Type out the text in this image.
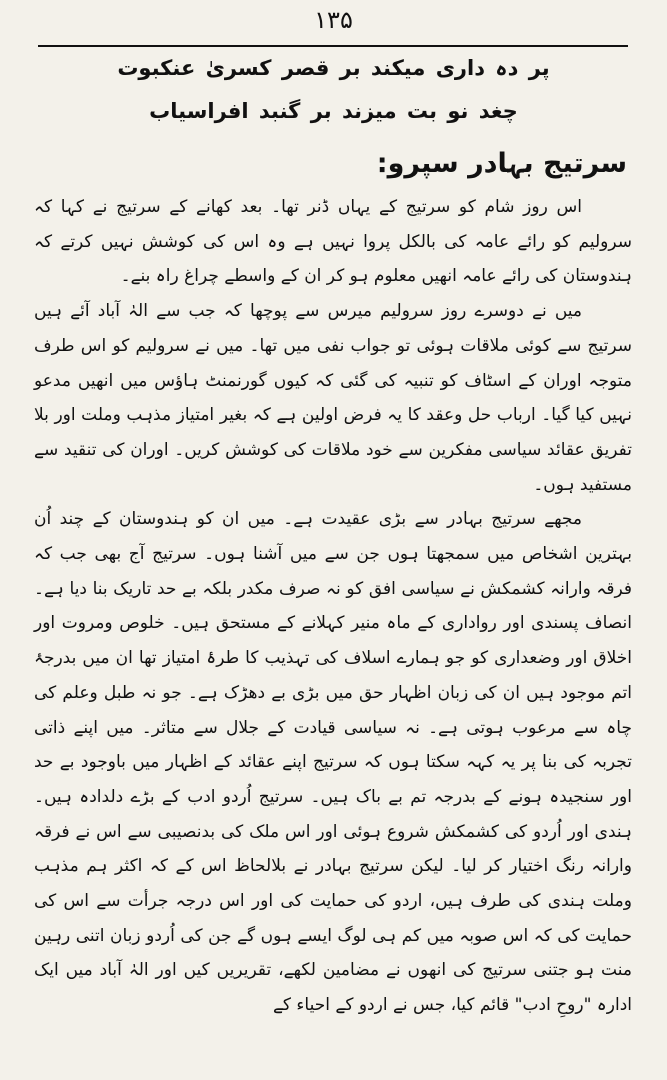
۱۳۵
پر دہ داری میکند بر قصر کسریٰ عنکبوت
چغد نو بت میزند بر گنبد افراسیاب
سرتیج بہادر سپرو:

اس روز شام کو سرتیج کے یہاں ڈنر تھا۔ بعد کھانے کے سرتیج نے کہا کہ سرولیم کو رائے عامہ کی بالکل پروا نہیں ہے وہ اس کی کوشش نہیں کرتے کہ ہندوستان کی رائے عامہ انھیں معلوم ہو کر ان کے واسطے چراغ راہ بنے۔

میں نے دوسرے روز سرولیم میرس سے پوچھا کہ جب سے الہٰ آباد آئے ہیں سرتیج سے کوئی ملاقات ہوئی تو جواب نفی میں تھا۔ میں نے سرولیم کو اس طرف متوجہ اوران کے اسٹاف کو تنبیہ کی گئی کہ کیوں گورنمنٹ ہاؤس میں انھیں مدعو نہیں کیا گیا۔ ارباب حل وعقد کا یہ فرض اولین ہے کہ بغیر امتیاز مذہب وملت اور بلا تفریق عقائد سیاسی مفکرین سے خود ملاقات کی کوشش کریں۔ اوران کی تنقید سے مستفید ہوں۔

مجھے سرتیج بہادر سے بڑی عقیدت ہے۔ میں ان کو ہندوستان کے چند اُن بہترین اشخاص میں سمجھتا ہوں جن سے میں آشنا ہوں۔ سرتیج آج بھی جب کہ فرقہ وارانہ کشمکش نے سیاسی افق کو نہ صرف مکدر بلکہ بے حد تاریک بنا دیا ہے۔ انصاف پسندی اور رواداری کے ماہ منیر کہلانے کے مستحق ہیں۔ خلوص ومروت اور اخلاق اور وضعداری کو جو ہمارے اسلاف کی تہذیب کا طرۂ امتیاز تھا ان میں بدرجۂ اتم موجود ہیں ان کی زبان اظہار حق میں بڑی بے دھڑک ہے۔ جو نہ طبل وعلم کی چاہ سے مرعوب ہوتی ہے۔ نہ سیاسی قیادت کے جلال سے متاثر۔ میں اپنے ذاتی تجربہ کی بنا پر یہ کہہ سکتا ہوں کہ سرتیج اپنے عقائد کے اظہار میں باوجود بے حد اور سنجیدہ ہونے کے بدرجہ تم بے باک ہیں۔ سرتیج اُردو ادب کے بڑے دلدادہ ہیں۔ ہندی اور اُردو کی کشمکش شروع ہوئی اور اس ملک کی بدنصیبی سے اس نے فرقہ وارانہ رنگ اختیار کر لیا۔ لیکن سرتیج بہادر نے بلالحاظ اس کے کہ اکثر ہم مذہب وملت ہندی کی طرف ہیں، اردو کی حمایت کی اور اس درجہ جرأت سے اس کی حمایت کی کہ اس صوبہ میں کم ہی لوگ ایسے ہوں گے جن کی اُردو زبان اتنی رہین منت ہو جتنی سرتیج کی انھوں نے مضامین لکھے، تقریریں کیں اور الہٰ آباد میں ایک ادارہ "روحِ ادب" قائم کیا، جس نے اردو کے احیاء کے
